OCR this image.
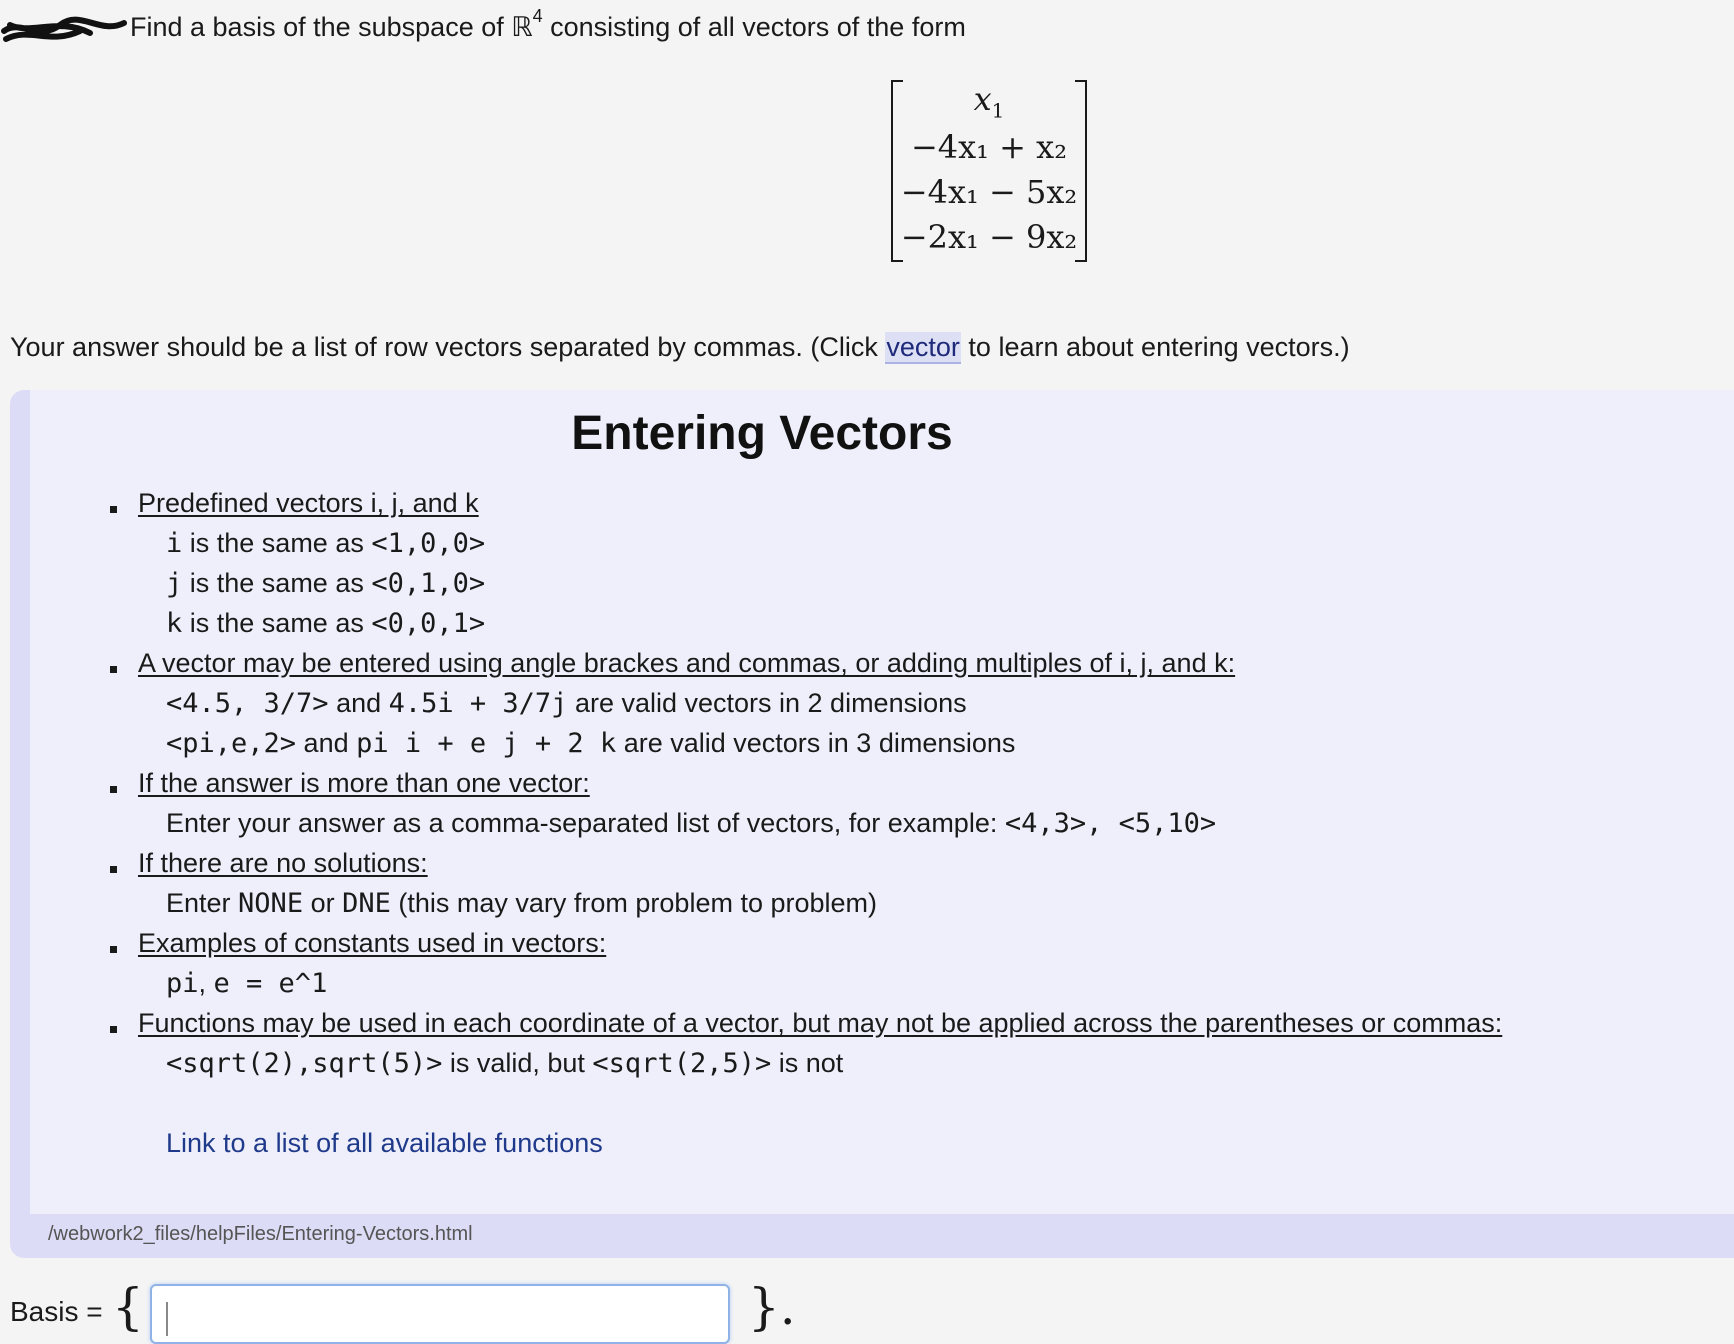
Find a basis of the subspace of ℝ$^4$ consisting of all vectors of the form
$x_1$
−4x₁ + x₂
−4x₁ − 5x₂
−2x₁ − 9x₂
Your answer should be a list of row vectors separated by commas. (Click vector to learn about entering vectors.)
Entering Vectors
Predefined vectors i, j, and k
i is the same as <1,0,0>
j is the same as <0,1,0>
k is the same as <0,0,1>
A vector may be entered using angle brackes and commas, or adding multiples of i, j, and k:
<4.5, 3/7> and 4.5i + 3/7j are valid vectors in 2 dimensions
<pi,e,2> and pi i + e j + 2 k are valid vectors in 3 dimensions
If the answer is more than one vector:
Enter your answer as a comma-separated list of vectors, for example: <4,3>, <5,10>
If there are no solutions:
Enter NONE or DNE (this may vary from problem to problem)
Examples of constants used in vectors:
pi, e = e^1
Functions may be used in each coordinate of a vector, but may not be applied across the parentheses or commas:
<sqrt(2),sqrt(5)> is valid, but <sqrt(2,5)> is not
Link to a list of all available functions
/webwork2_files/helpFiles/Entering-Vectors.html
Basis = {	}.
